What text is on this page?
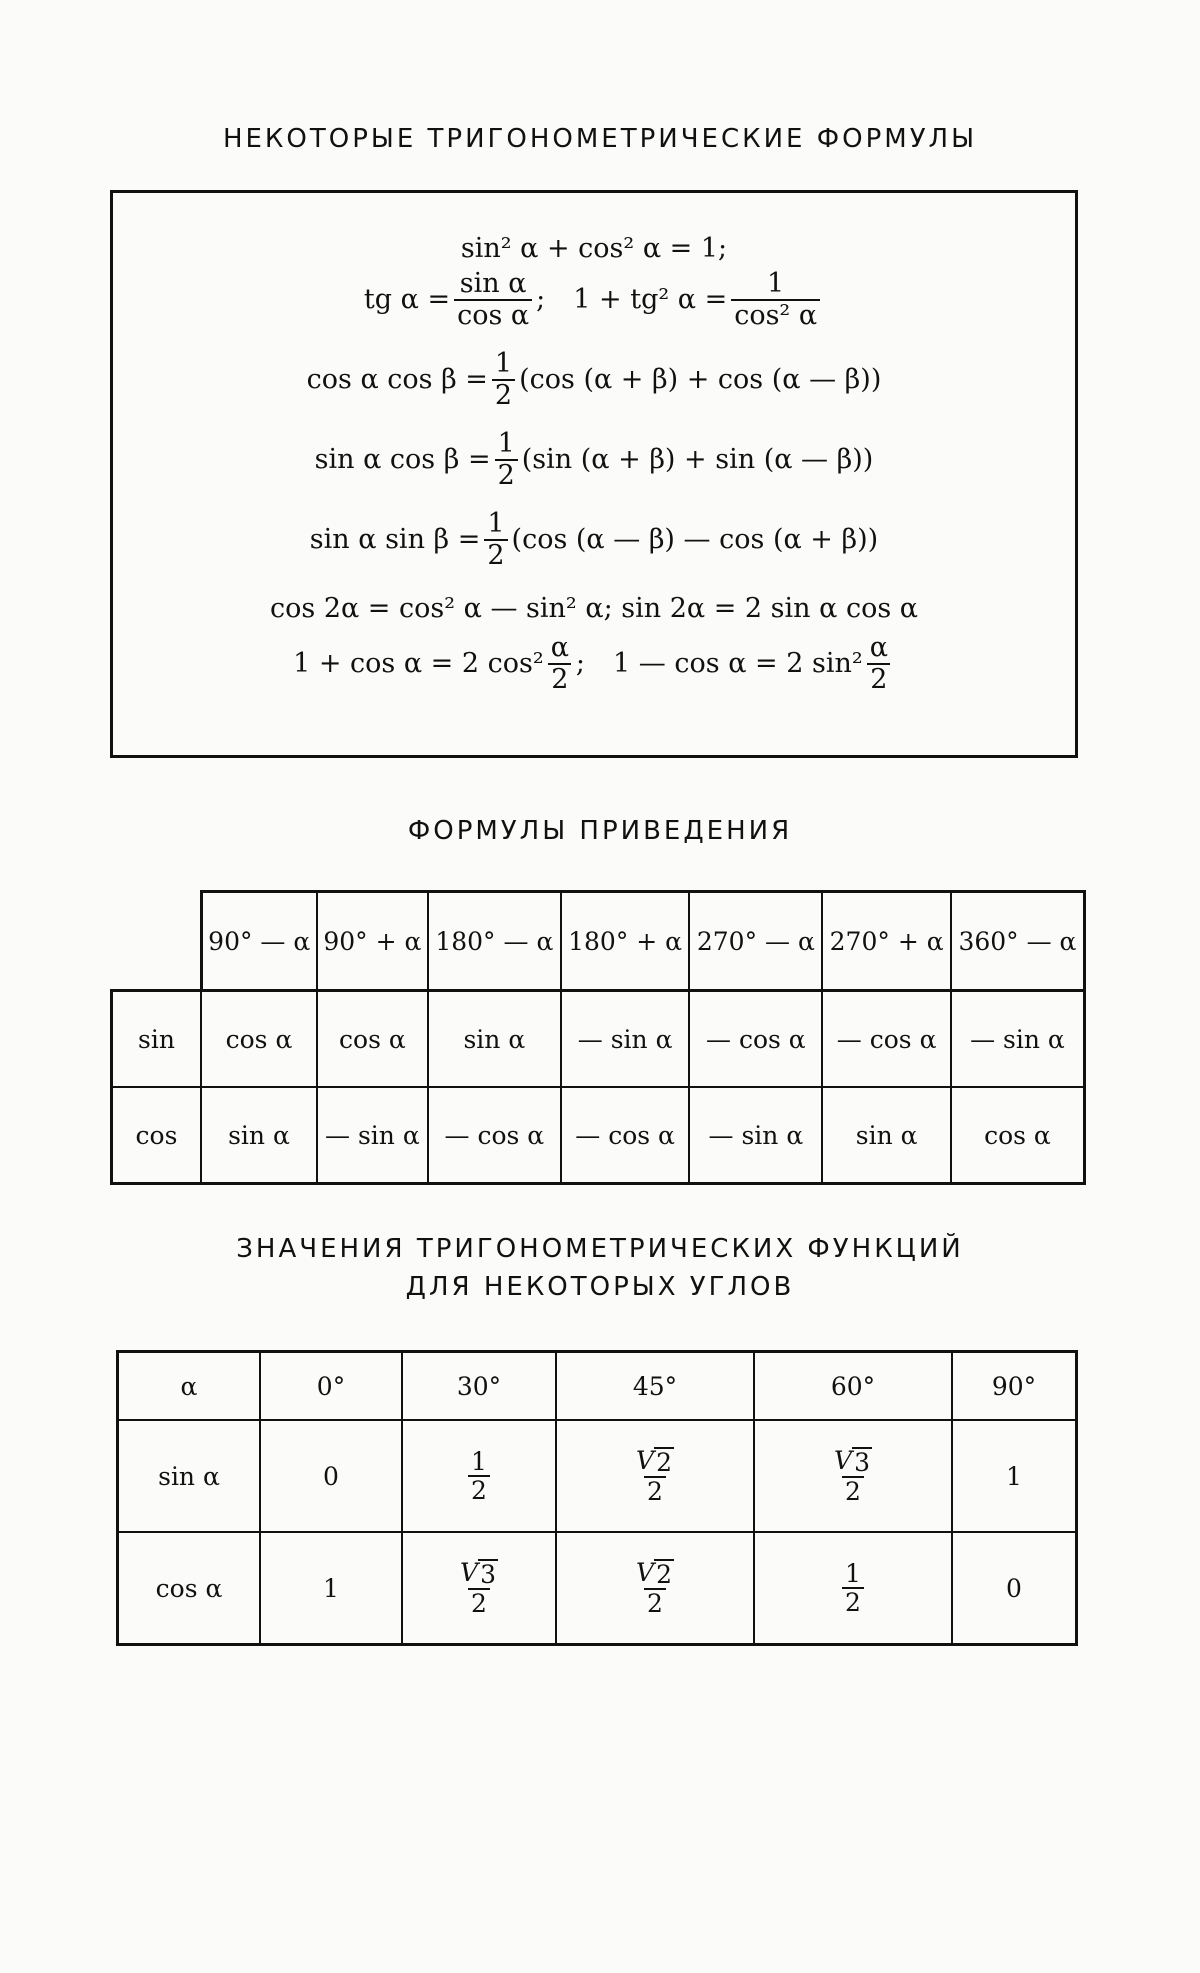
НЕКОТОРЫЕ ТРИГОНОМЕТРИЧЕСКИЕ ФОРМУЛЫ
sin² α + cos² α = 1;
tg $\alpha = \frac{\text{sin α}}{\text{cos α}}$ ; 1 + tg² $\alpha = \frac{1}{\text{cos² α}}$
cos α $\cos \beta = \frac{1}{2} (\cos$ (α + β) + cos (α — β))
sin α $\cos \beta = \frac{1}{2} (\sin$ (α + β) + sin (α — β))
sin α $\sin \beta = \frac{1}{2} (\cos$ (α — β) — cos (α + β))
cos 2α = cos² α — sin² α; sin 2α = 2 sin α cos α
1 + cos α = 2 $\cos^2 \frac{\alpha}{2}$ ; 1 — cos α = 2 $\sin^2 \frac{\alpha}{2}$
ФОРМУЛЫ ПРИВЕДЕНИЯ
	90° — α	90° + α	180° — α	180° + α	270° — α	270° + α	360° — α
sin	cos α	cos α	sin α	— sin α	— cos α	— cos α	— sin α
cos	sin α	— sin α	— cos α	— cos α	— sin α	sin α	cos α
ЗНАЧЕНИЯ ТРИГОНОМЕТРИЧЕСКИХ ФУНКЦИЙ
ДЛЯ НЕКОТОРЫХ УГЛОВ
α	0°	30°	45°	60°	90°
sin α	0	$\frac{1}{2}$	$\frac{V 2}{2}$	$\frac{V 3}{2}$	1
cos α	1	$\frac{V 3}{2}$	$\frac{V 2}{2}$	$\frac{1}{2}$	0
